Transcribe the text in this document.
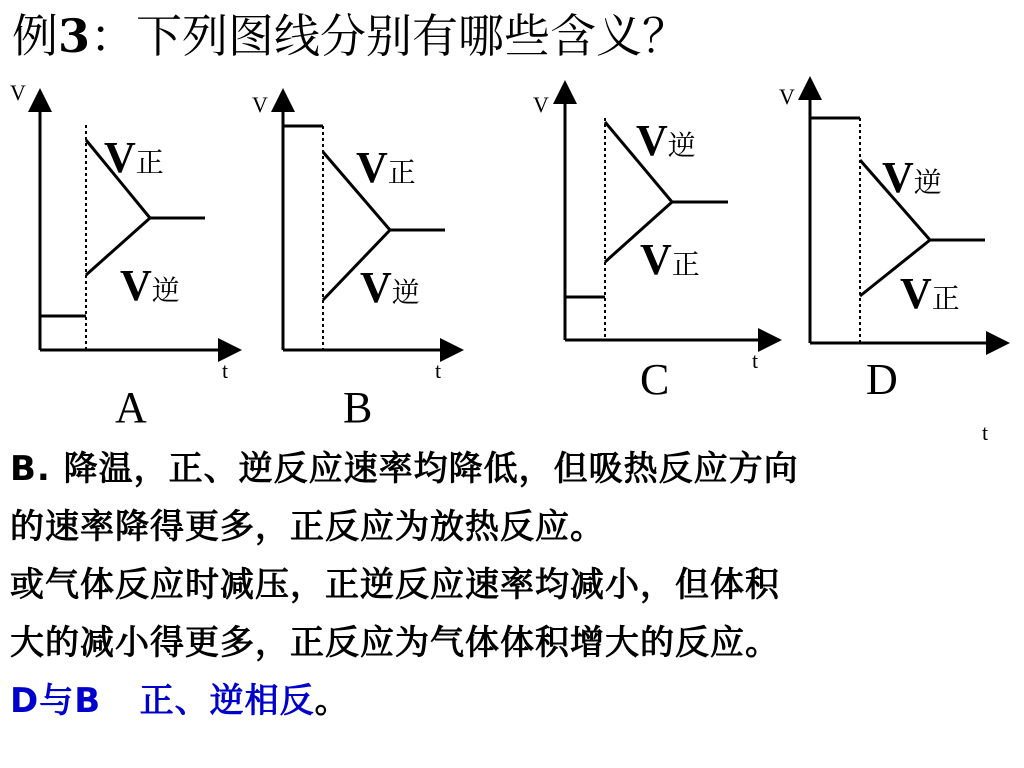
例3：下列图线分别有哪些含义？
V
t
V正
V逆
A
V
t
V正
V逆
B
V
t
V逆
V正
C
V
t
V逆
V正
D

B. 降温，正、逆反应速率均降低，但吸热反应方向

的速率降得更多，正反应为放热反应。

或气体反应时减压，正逆反应速率均减小，但体积

大的减小得更多，正反应为气体体积增大的反应。

D与B 正、逆相反。
